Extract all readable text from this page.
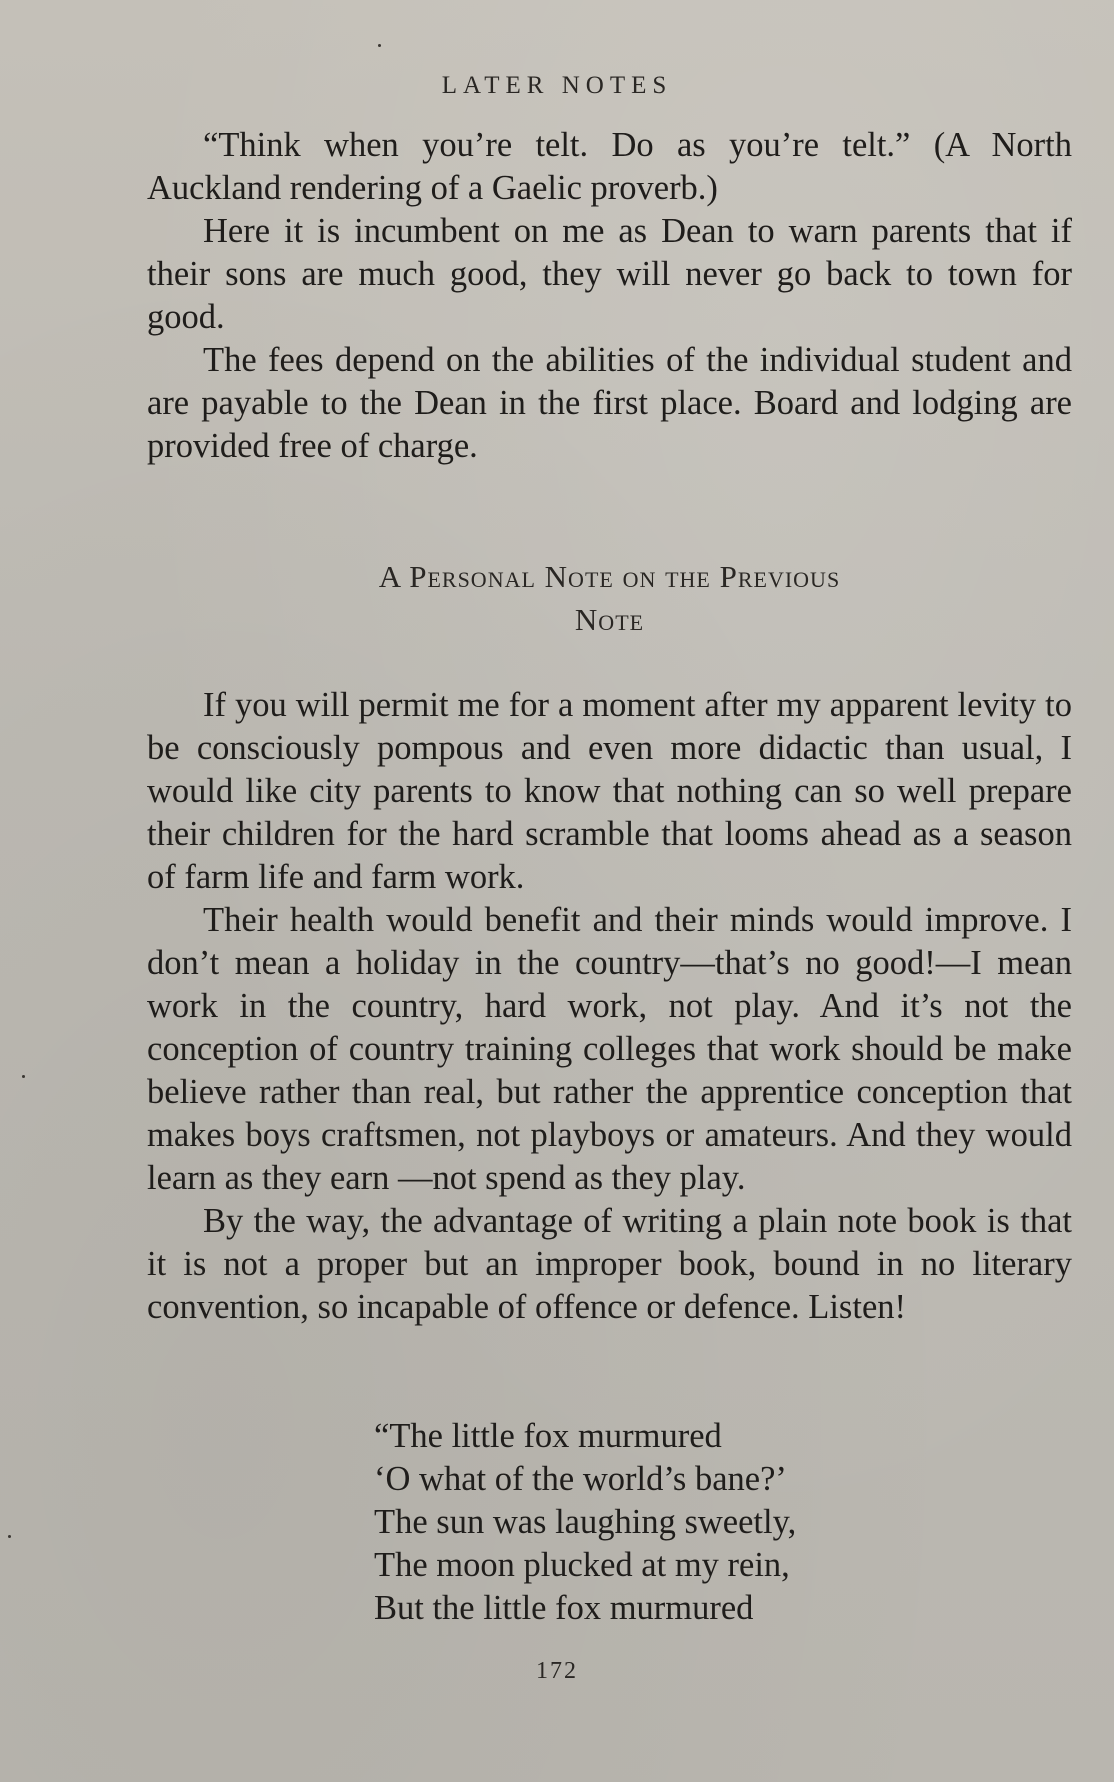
LATER NOTES

“Think when you’re telt. Do as you’re telt.” (A North Auckland rendering of a Gaelic proverb.)

Here it is incumbent on me as Dean to warn parents that if their sons are much good, they will never go back to town for good.

The fees depend on the abilities of the individual student and are payable to the Dean in the first place. Board and lodging are provided free of charge.

A Personal Note on the Previous
Note

If you will permit me for a moment after my apparent levity to be consciously pompous and even more didactic than usual, I would like city parents to know that nothing can so well prepare their children for the hard scramble that looms ahead as a season of farm life and farm work.

Their health would benefit and their minds would improve. I don’t mean a holiday in the country—that’s no good!—I mean work in the country, hard work, not play. And it’s not the conception of country training colleges that work should be make believe rather than real, but rather the apprentice conception that makes boys craftsmen, not playboys or amateurs. And they would learn as they earn —not spend as they play.

By the way, the advantage of writing a plain note book is that it is not a proper but an improper book, bound in no literary convention, so incapable of offence or defence. Listen!

“The little fox murmured
‘O what of the world’s bane?’
The sun was laughing sweetly,
The moon plucked at my rein,
But the little fox murmured
172
